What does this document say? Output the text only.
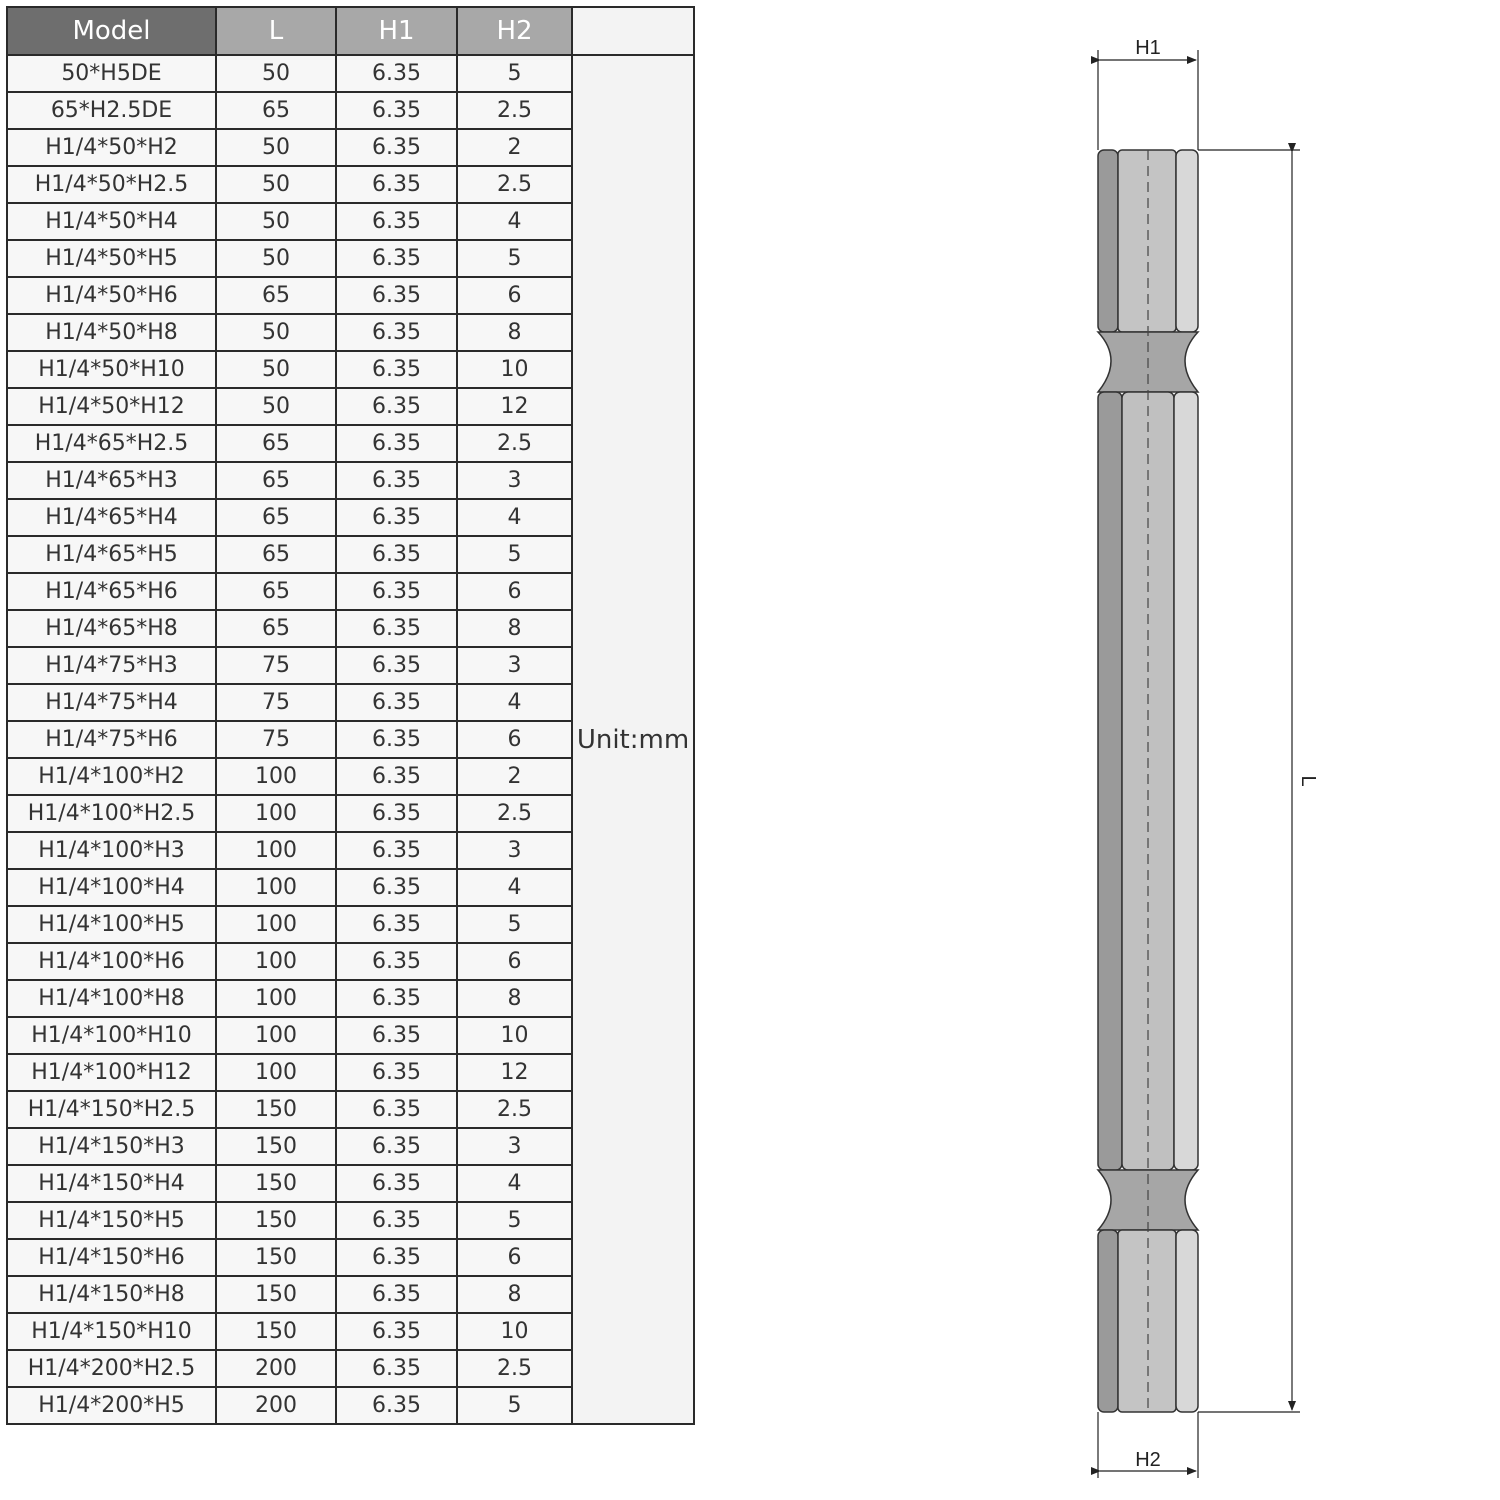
Model	L	H1	H2	
50*H5DE	50	6.35	5	Unit:mm
65*H2.5DE	65	6.35	2.5	
H1/4*50*H2	50	6.35	2	
H1/4*50*H2.5	50	6.35	2.5	
H1/4*50*H4	50	6.35	4	
H1/4*50*H5	50	6.35	5	
H1/4*50*H6	65	6.35	6	
H1/4*50*H8	50	6.35	8	
H1/4*50*H10	50	6.35	10	
H1/4*50*H12	50	6.35	12	
H1/4*65*H2.5	65	6.35	2.5	
H1/4*65*H3	65	6.35	3	
H1/4*65*H4	65	6.35	4	
H1/4*65*H5	65	6.35	5	
H1/4*65*H6	65	6.35	6	
H1/4*65*H8	65	6.35	8	
H1/4*75*H3	75	6.35	3	
H1/4*75*H4	75	6.35	4	
H1/4*75*H6	75	6.35	6	
H1/4*100*H2	100	6.35	2	
H1/4*100*H2.5	100	6.35	2.5	
H1/4*100*H3	100	6.35	3	
H1/4*100*H4	100	6.35	4	
H1/4*100*H5	100	6.35	5	
H1/4*100*H6	100	6.35	6	
H1/4*100*H8	100	6.35	8	
H1/4*100*H10	100	6.35	10	
H1/4*100*H12	100	6.35	12	
H1/4*150*H2.5	150	6.35	2.5	
H1/4*150*H3	150	6.35	3	
H1/4*150*H4	150	6.35	4	
H1/4*150*H5	150	6.35	5	
H1/4*150*H6	150	6.35	6	
H1/4*150*H8	150	6.35	8	
H1/4*150*H10	150	6.35	10	
H1/4*200*H2.5	200	6.35	2.5	
H1/4*200*H5	200	6.35	5	
H1
L
H2
